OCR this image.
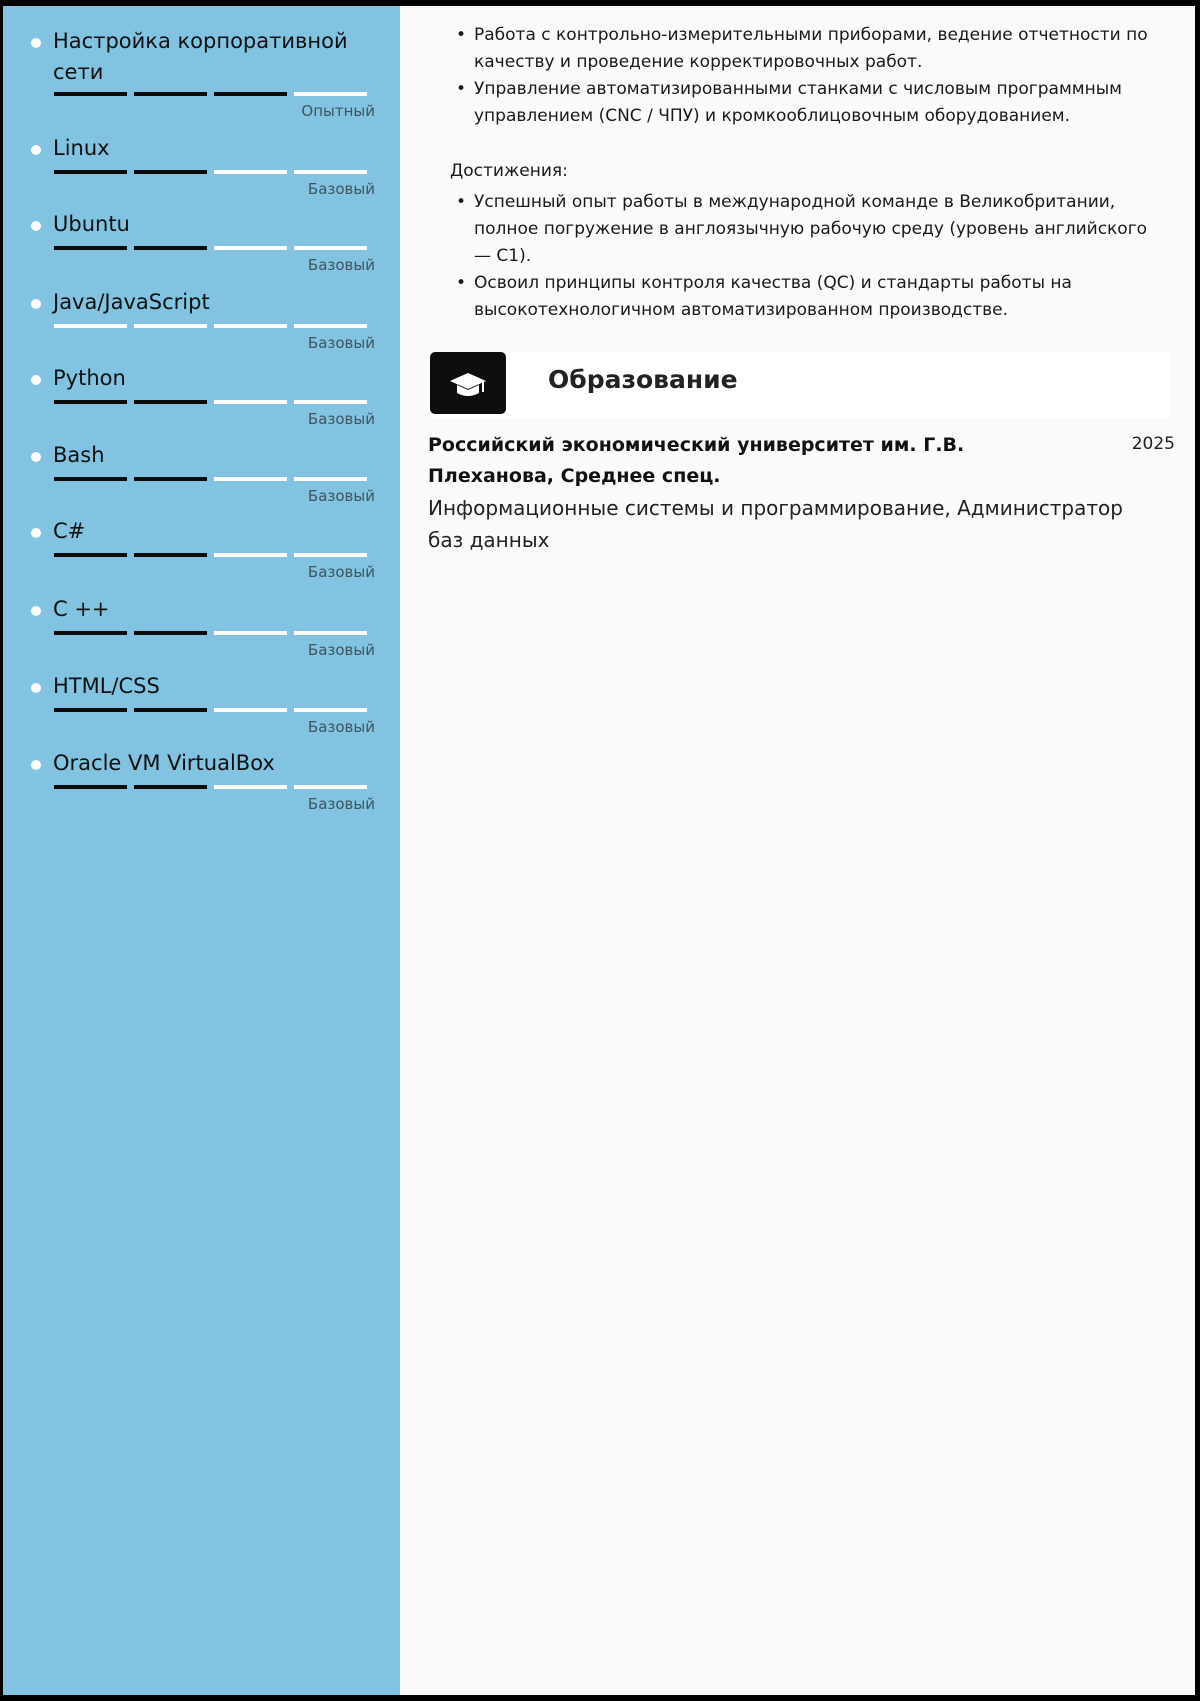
Настройка корпоративной сети
Опытный
Linux
Базовый
Ubuntu
Базовый
Java/JavaScript
Базовый
Python
Базовый
Bash
Базовый
C#
Базовый
C ++
Базовый
HTML/CSS
Базовый
Oracle VM VirtualBox
Базовый
• Работа с контрольно-измерительными приборами, ведение отчетности по качеству и проведение корректировочных работ.
• Управление автоматизированными станками с числовым программным управлением (CNC / ЧПУ) и кромкооблицовочным оборудованием.
Достижения:
• Успешный опыт работы в международной команде в Великобритании, полное погружение в англоязычную рабочую среду (уровень английского — C1).
• Освоил принципы контроля качества (QC) и стандарты работы на высокотехнологичном автоматизированном производстве.
Образование
Российский экономический университет им. Г.В. Плеханова, Среднее спец.
2025
Информационные системы и программирование, Администратор баз данных
